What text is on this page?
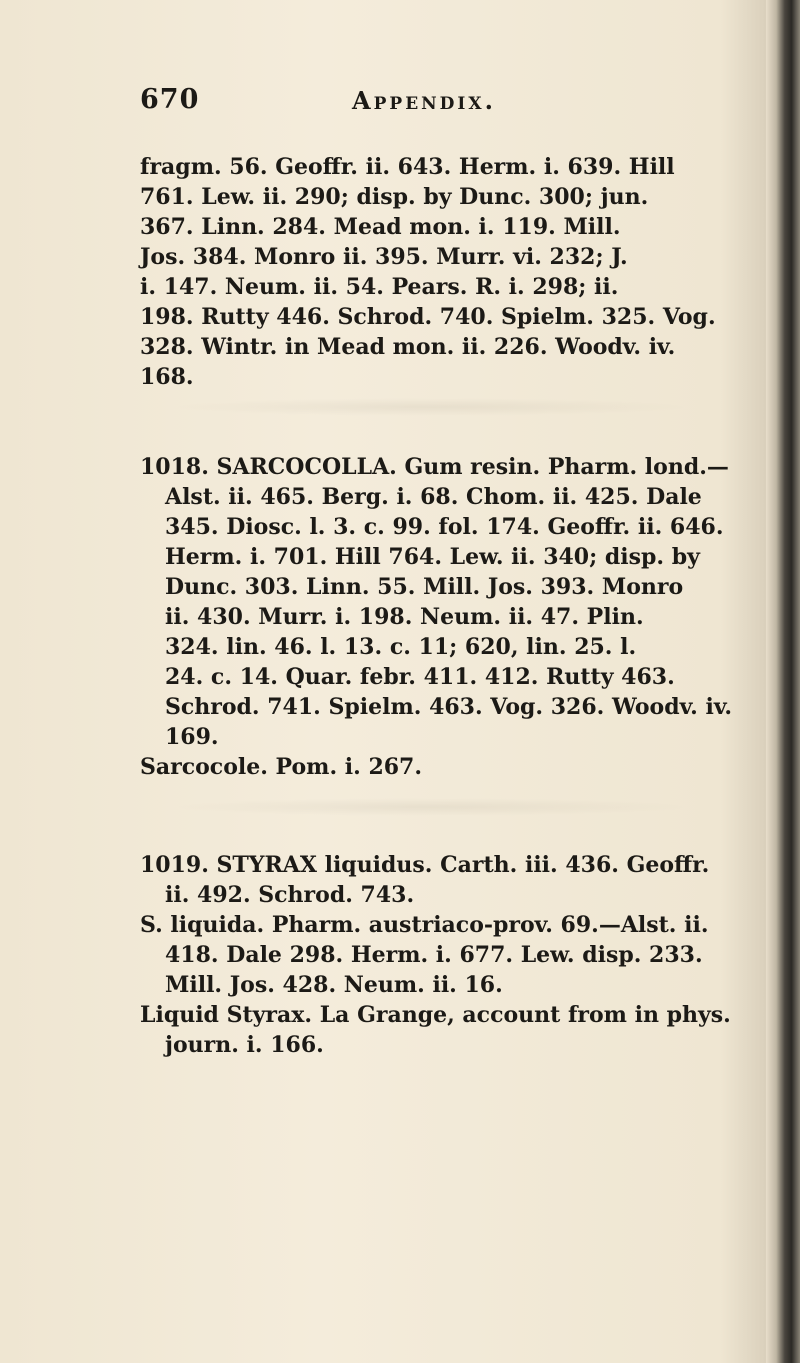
670	Appendix.
fragm. 56. Geoffr. ii. 643. Herm. i. 639. Hill
761. Lew. ii. 290; disp. by Dunc. 300; jun.
367. Linn. 284. Mead mon. i. 119. Mill.
Jos. 384. Monro ii. 395. Murr. vi. 232; J.
i. 147. Neum. ii. 54. Pears. R. i. 298; ii.
198. Rutty 446. Schrod. 740. Spielm. 325. Vog.
328. Wintr. in Mead mon. ii. 226. Woodv. iv.
168.
1018. SARCOCOLLA. Gum resin. Pharm. lond.—
Alst. ii. 465. Berg. i. 68. Chom. ii. 425. Dale
345. Diosc. l. 3. c. 99. fol. 174. Geoffr. ii. 646.
Herm. i. 701. Hill 764. Lew. ii. 340; disp. by
Dunc. 303. Linn. 55. Mill. Jos. 393. Monro
ii. 430. Murr. i. 198. Neum. ii. 47. Plin.
324. lin. 46. l. 13. c. 11; 620, lin. 25. l.
24. c. 14. Quar. febr. 411. 412. Rutty 463.
Schrod. 741. Spielm. 463. Vog. 326. Woodv. iv.
169.
Sarcocole. Pom. i. 267.
1019. STYRAX liquidus. Carth. iii. 436. Geoffr.
ii. 492. Schrod. 743.
S. liquida. Pharm. austriaco-prov. 69.—Alst. ii.
418. Dale 298. Herm. i. 677. Lew. disp. 233.
Mill. Jos. 428. Neum. ii. 16.
Liquid Styrax. La Grange, account from in phys.
journ. i. 166.
